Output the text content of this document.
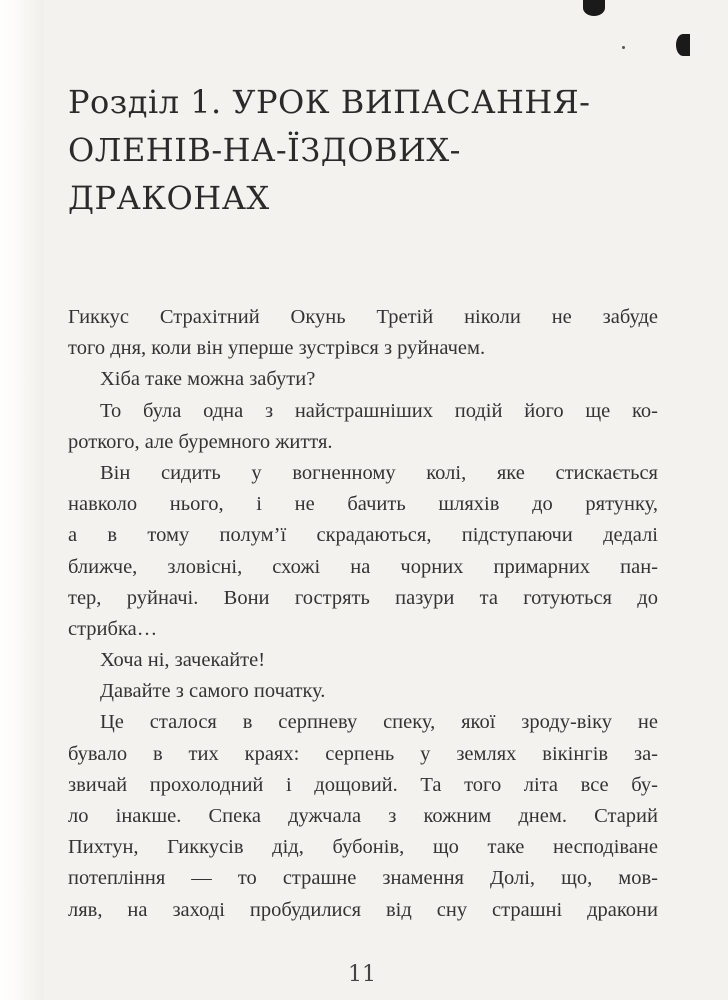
Розділ 1. УРОК ВИПАСАННЯ-
ОЛЕНІВ-НА-ЇЗДОВИХ-
ДРАКОНАХ
Гиккус Страхітний Окунь Третій ніколи не забуде
того дня, коли він уперше зустрівся з руйначем.
Хіба таке можна забути?
То була одна з найстрашніших подій його ще ко-
роткого, але буремного життя.
Він сидить у вогненному колі, яке стискається
навколо нього, і не бачить шляхів до рятунку,
а в тому полум’ї скрадаються, підступаючи дедалі
ближче, зловісні, схожі на чорних примарних пан-
тер, руйначі. Вони гострять пазури та готуються до
стрибка…
Хоча ні, зачекайте!
Давайте з самого початку.
Це сталося в серпневу спеку, якої зроду-віку не
бувало в тих краях: серпень у землях вікінгів за-
звичай прохолодний і дощовий. Та того літа все бу-
ло інакше. Спека дужчала з кожним днем. Старий
Пихтун, Гиккусів дід, бубонів, що таке несподіване
потепління — то страшне знамення Долі, що, мов-
ляв, на заході пробудилися від сну страшні дракони
11
